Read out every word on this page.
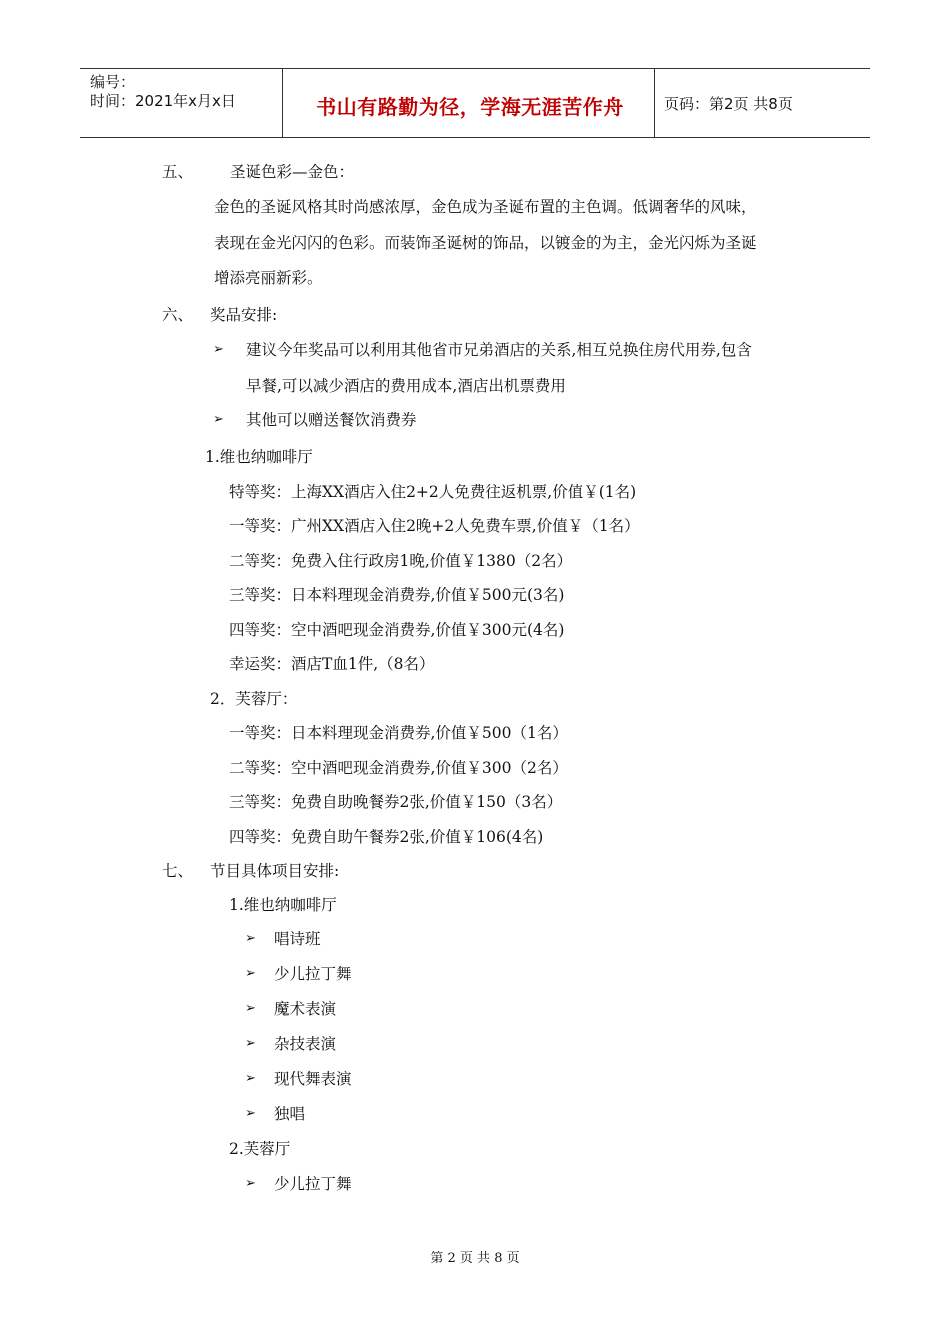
编号：
时间：2021年x月x日	书山有路勤为径，学海无涯苦作舟	页码：第2页 共8页
五、 圣诞色彩—金色：
金色的圣诞风格其时尚感浓厚，金色成为圣诞布置的主色调。低调奢华的风味，
表现在金光闪闪的色彩。而装饰圣诞树的饰品，以镀金的为主，金光闪烁为圣诞
增添亮丽新彩。
六、 奖品安排:
➢ 建议今年奖品可以利用其他省市兄弟酒店的关系,相互兑换住房代用券,包含
早餐,可以减少酒店的费用成本,酒店出机票费用
➢ 其他可以赠送餐饮消费券
1.维也纳咖啡厅
特等奖：上海XX酒店入住2+2人免费往返机票,价值￥(1名)
一等奖：广州XX酒店入住2晚+2人免费车票,价值￥（1名）
二等奖：免费入住行政房1晚,价值￥1380（2名）
三等奖：日本料理现金消费券,价值￥500元(3名)
四等奖：空中酒吧现金消费券,价值￥300元(4名)
幸运奖：酒店T血1件,（8名）
2．芙蓉厅：
一等奖：日本料理现金消费券,价值￥500（1名）
二等奖：空中酒吧现金消费券,价值￥300（2名）
三等奖：免费自助晚餐券2张,价值￥150（3名）
四等奖：免费自助午餐券2张,价值￥106(4名)
七、 节目具体项目安排:
1.维也纳咖啡厅
➢ 唱诗班
➢ 少儿拉丁舞
➢ 魔术表演
➢ 杂技表演
➢ 现代舞表演
➢ 独唱
2.芙蓉厅
➢ 少儿拉丁舞
第 2 页 共 8 页
